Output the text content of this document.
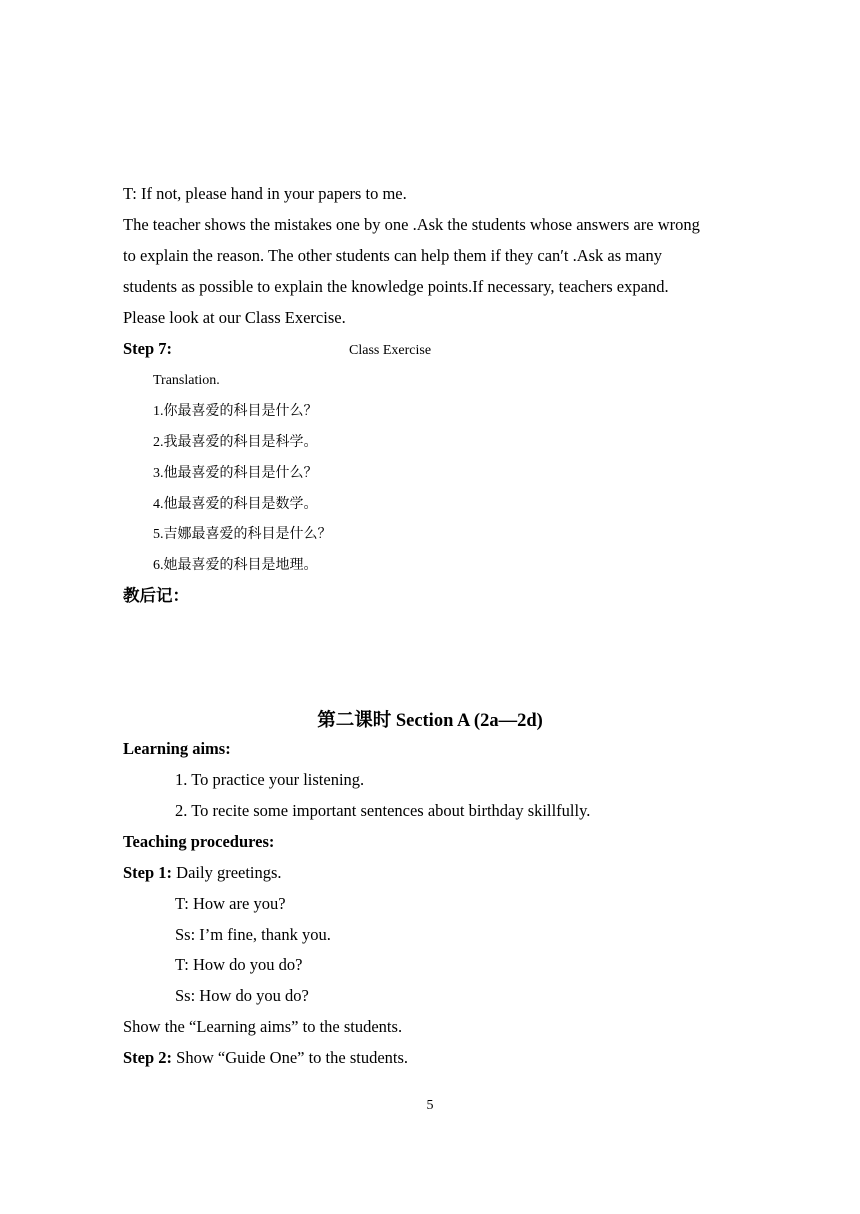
T: If not, please hand in your papers to me.
The teacher shows the mistakes one by one .Ask the students whose answers are wrong
to explain the reason. The other students can help them if they can′t .Ask as many
students as possible to explain the knowledge points.If necessary, teachers expand.
Please look at our Class Exercise.
Step 7:	Class Exercise
Translation.
1.你最喜爱的科目是什么？
2.我最喜爱的科目是科学。
3.他最喜爱的科目是什么？
4.他最喜爱的科目是数学。
5.吉娜最喜爱的科目是什么？
6.她最喜爱的科目是地理。
教后记：
第二课时 Section A (2a—2d)
Learning aims:
1. To practice your listening.
2. To recite some important sentences about birthday skillfully.
Teaching procedures:
Step 1: Daily greetings.
T: How are you?
Ss: I’m fine, thank you.
T: How do you do?
Ss: How do you do?
Show the “Learning aims” to the students.
Step 2: Show “Guide One” to the students.
5
